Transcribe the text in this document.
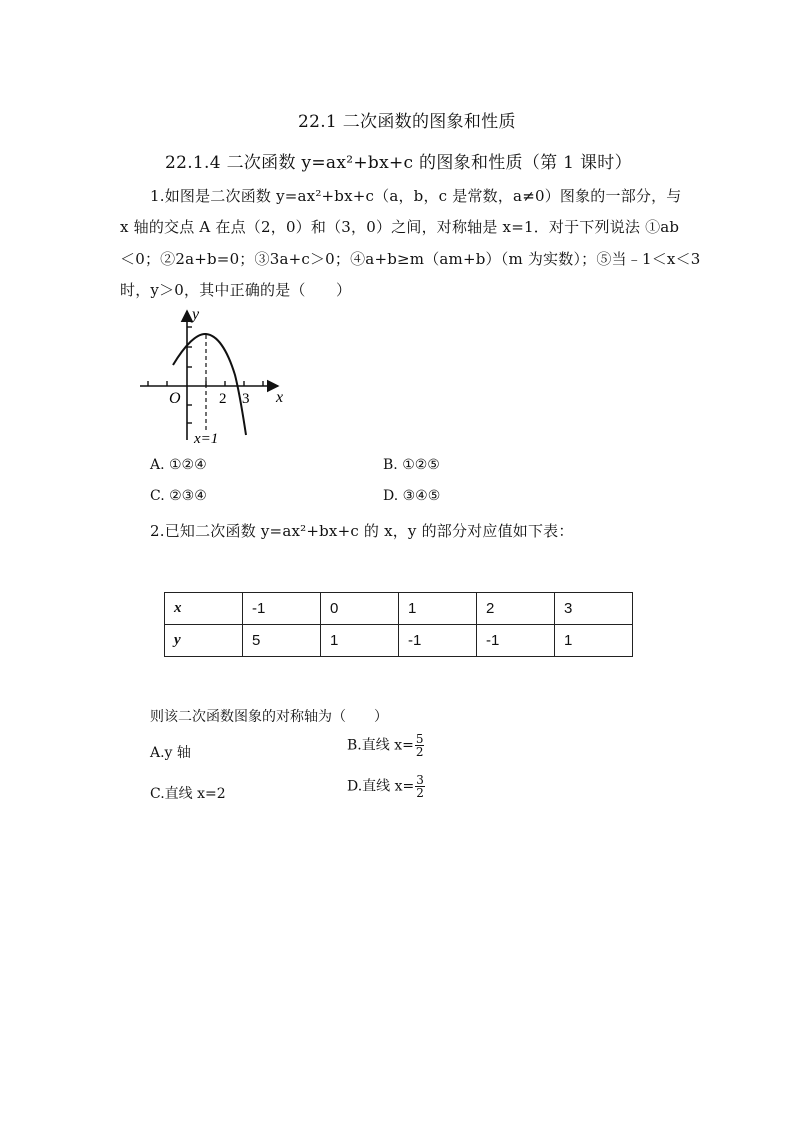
22.1 二次函数的图象和性质
22.1.4 二次函数 y=ax²+bx+c 的图象和性质（第 1 课时）
1.如图是二次函数 y=ax²+bx+c（a，b，c 是常数，a≠0）图象的一部分，与
x 轴的交点 A 在点（2，0）和（3，0）之间，对称轴是 x=1．对于下列说法 ①ab
＜0；②2a+b=0；③3a+c＞0；④a+b≥m（am+b）（m 为实数）；⑤当﹣1＜x＜3
时，y＞0，其中正确的是（　　）
y
x
O	2 3
x=1
A. ①②④	B. ①②⑤
C. ②③④	D. ③④⑤
2.已知二次函数 y=ax²+bx+c 的 x，y 的部分对应值如下表：
x	-1	0	1	2	3
y	5	1	-1	-1	1
则该二次函数图象的对称轴为（　　）
A.y 轴	B.直线 $x= \frac{5}{2}$
C.直线 x=2	D.直线 $x= \frac{3}{2}$
